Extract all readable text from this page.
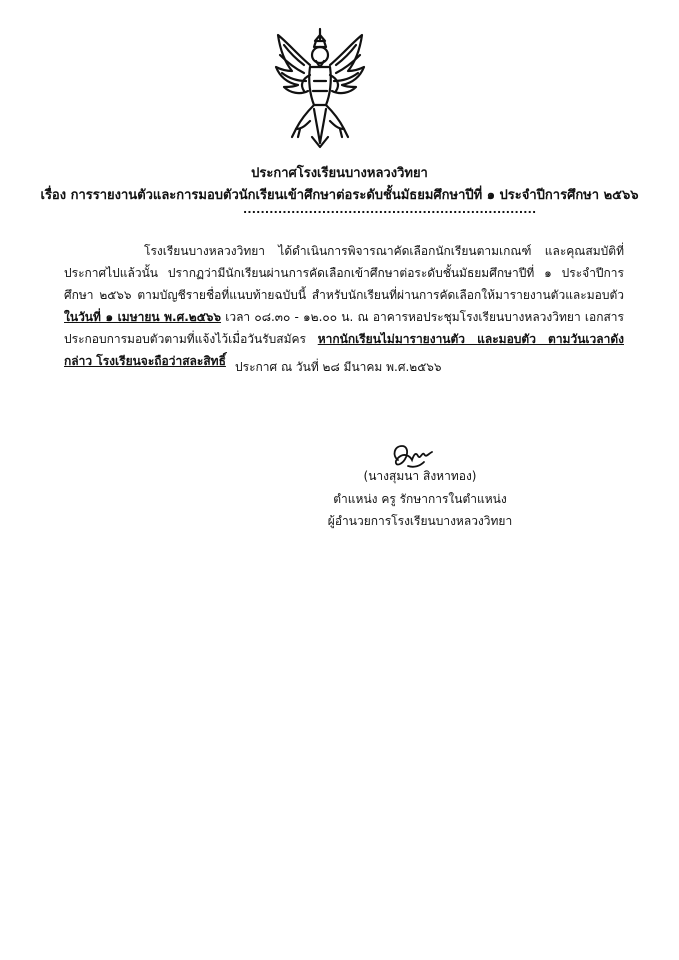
ประกาศโรงเรียนบางหลวงวิทยา
เรื่อง การรายงานตัวและการมอบตัวนักเรียนเข้าศึกษาต่อระดับชั้นมัธยมศึกษาปีที่ ๑ ประจำปีการศึกษา ๒๕๖๖
...................................................................
โรงเรียนบางหลวงวิทยา ได้ดำเนินการพิจารณาคัดเลือกนักเรียนตามเกณฑ์ และคุณสมบัติที่ประกาศไปแล้วนั้น ปรากฏว่ามีนักเรียนผ่านการคัดเลือกเข้าศึกษาต่อระดับชั้นมัธยมศึกษาปีที่ ๑ ประจำปีการศึกษา ๒๕๖๖ ตามบัญชีรายชื่อที่แนบท้ายฉบับนี้ สำหรับนักเรียนที่ผ่านการคัดเลือกให้มารายงานตัวและมอบตัว ในวันที่ ๑ เมษายน พ.ศ.๒๕๖๖ เวลา ๐๘.๓๐ - ๑๒.๐๐ น. ณ อาคารหอประชุมโรงเรียนบางหลวงวิทยา เอกสารประกอบการมอบตัวตามที่แจ้งไว้เมื่อวันรับสมัคร หากนักเรียนไม่มารายงานตัว และมอบตัว ตามวันเวลาดังกล่าว โรงเรียนจะถือว่าสละสิทธิ์ ประกาศ ณ วันที่ ๒๘ มีนาคม พ.ศ.๒๕๖๖
(นางสุมนา สิงหาทอง)
ตำแหน่ง ครู รักษาการในตำแหน่ง
ผู้อำนวยการโรงเรียนบางหลวงวิทยา
